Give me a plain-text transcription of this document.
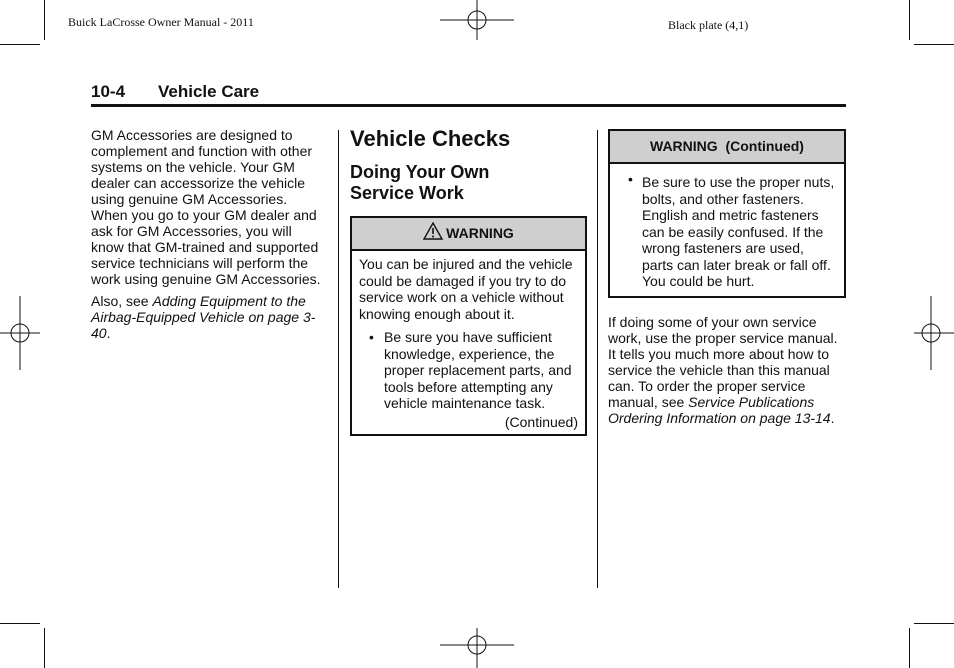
Buick LaCrosse Owner Manual - 2011	Black plate (4,1)
10-4 Vehicle Care

GM Accessories are designed to complement and function with other systems on the vehicle. Your GM dealer can accessorize the vehicle using genuine GM Accessories. When you go to your GM dealer and ask for GM Accessories, you will know that GM-trained and supported service technicians will perform the work using genuine GM Accessories.

Also, see Adding Equipment to the Airbag-Equipped Vehicle on page 3-40.

Vehicle Checks
Doing Your Own Service Work
WARNING
You can be injured and the vehicle could be damaged if you try to do service work on a vehicle without knowing enough about it.
• Be sure you have sufficient knowledge, experience, the proper replacement parts, and tools before attempting any vehicle maintenance task.
(Continued)
WARNING  (Continued)
• Be sure to use the proper nuts, bolts, and other fasteners. English and metric fasteners can be easily confused. If the wrong fasteners are used, parts can later break or fall off. You could be hurt.

If doing some of your own service work, use the proper service manual. It tells you much more about how to service the vehicle than this manual can. To order the proper service manual, see Service Publications Ordering Information on page 13-14.
